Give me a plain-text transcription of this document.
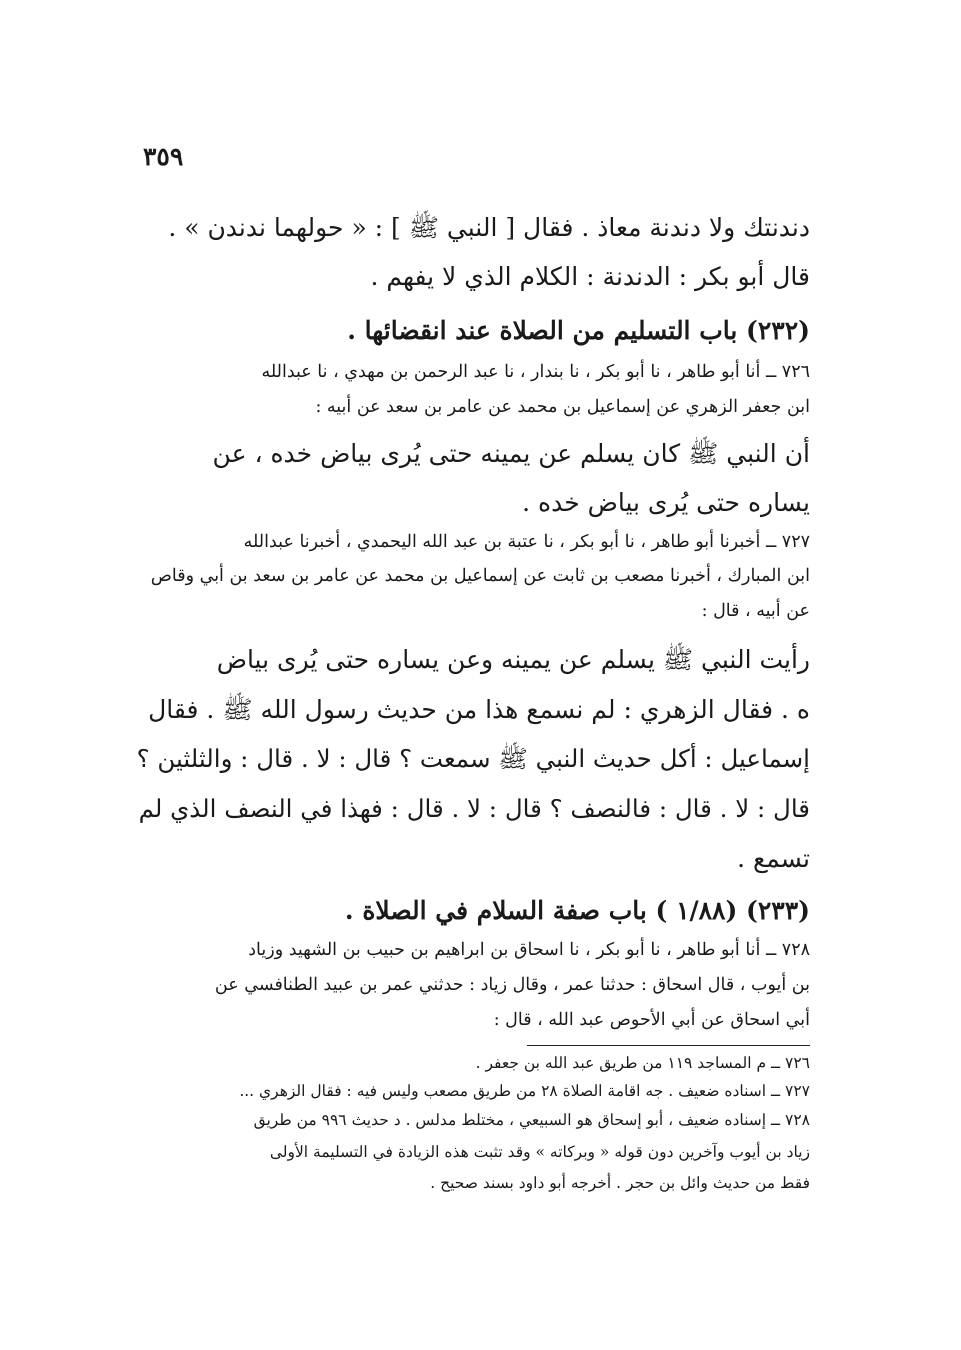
٣٥٩
دندنتك ولا دندنة معاذ . فقال [ النبي ﷺ ] : « حولهما ندندن » .
قال أبو بكر : الدندنة : الكلام الذي لا يفهم .
(٢٣٢) باب التسليم من الصلاة عند انقضائها .
٧٢٦ ــ أنا أبو طاهر ، نا أبو بكر ، نا بندار ، نا عبد الرحمن بن مهدي ، نا عبدالله
ابن جعفر الزهري عن إسماعيل بن محمد عن عامر بن سعد عن أبيه :
أن النبي ﷺ كان يسلم عن يمينه حتى يُرى بياض خده ، عن
يساره حتى يُرى بياض خده .
٧٢٧ ــ أخبرنا أبو طاهر ، نا أبو بكر ، نا عتبة بن عبد الله اليحمدي ، أخبرنا عبدالله
ابن المبارك ، أخبرنا مصعب بن ثابت عن إسماعيل بن محمد عن عامر بن سعد بن أبي وقاص
عن أبيه ، قال :
رأيت النبي ﷺ يسلم عن يمينه وعن يساره حتى يُرى بياض
ه . فقال الزهري : لم نسمع هذا من حديث رسول الله ﷺ . فقال
إسماعيل : أكل حديث النبي ﷺ سمعت ؟ قال : لا . قال : والثلثين ؟
قال : لا . قال : فالنصف ؟ قال : لا . قال : فهذا في النصف الذي لم
تسمع .
(٢٣٣) (١/٨٨ ) باب صفة السلام في الصلاة .
٧٢٨ ــ أنا أبو طاهر ، نا أبو بكر ، نا اسحاق بن ابراهيم بن حبيب بن الشهيد وزياد
بن أيوب ، قال اسحاق : حدثنا عمر ، وقال زياد : حدثني عمر بن عبيد الطنافسي عن
أبي اسحاق عن أبي الأحوص عبد الله ، قال :
٧٢٦ ــ م المساجد ١١٩ من طريق عبد الله بن جعفر .
٧٢٧ ــ اسناده ضعيف . جه اقامة الصلاة ٢٨ من طريق مصعب وليس فيه : فقال الزهري ...
٧٢٨ ــ إسناده ضعيف ، أبو إسحاق هو السبيعي ، مختلط مدلس . د حديث ٩٩٦ من طريق
زياد بن أيوب وآخرين دون قوله « وبركاته » وقد تثبت هذه الزيادة في التسليمة الأولى
فقط من حديث وائل بن حجر . أخرجه أبو داود بسند صحيح .
